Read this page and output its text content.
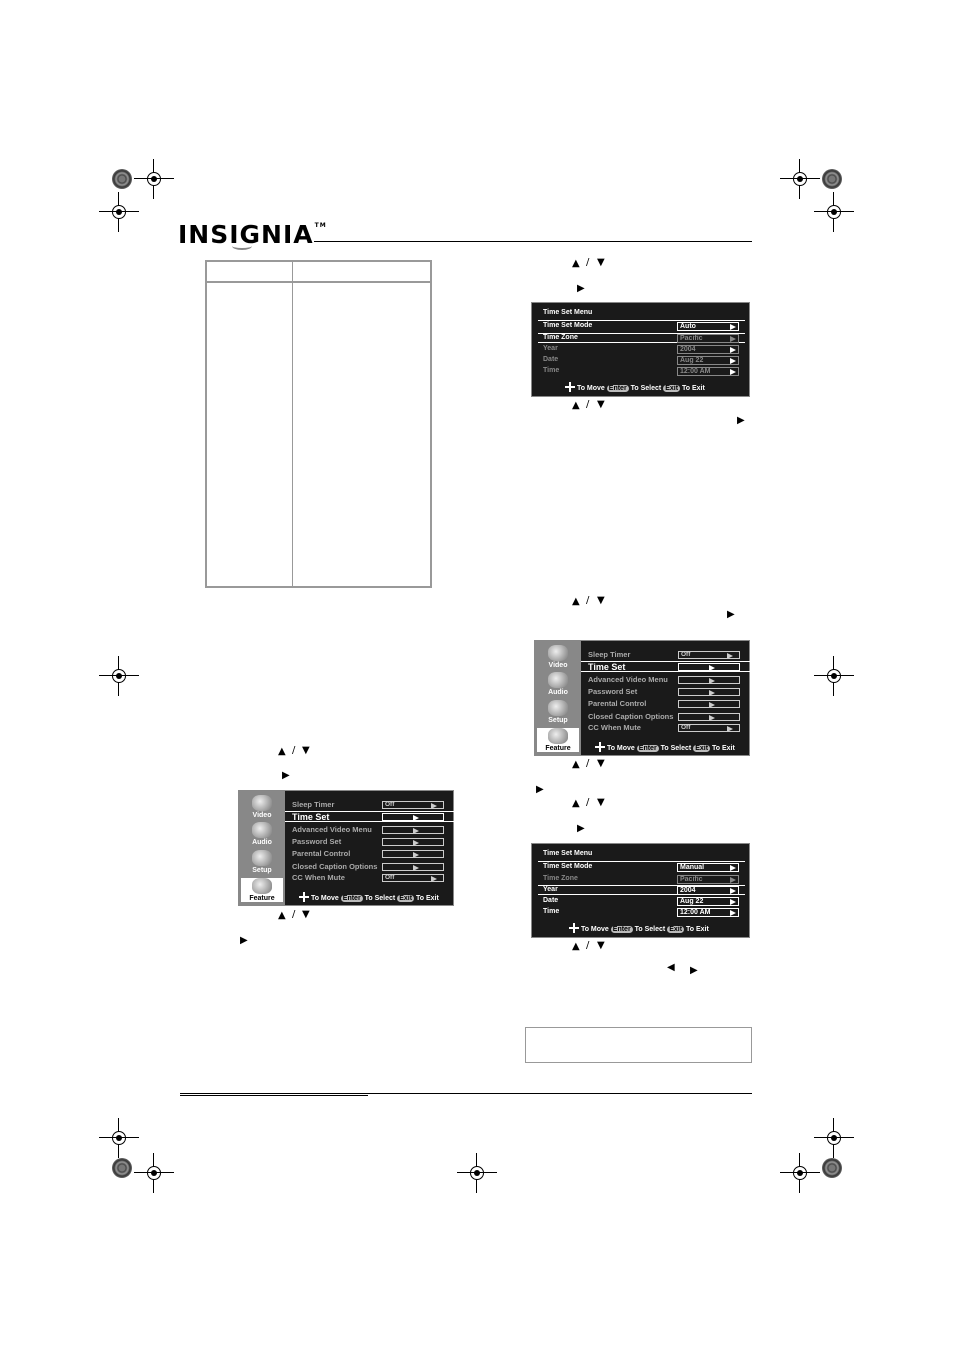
INSIGNIA™
▲ / ▼
▶
Time Set Menu
Time Set Mode	Auto
Time Zone	Pacific
Year	2004
Date	Aug 22
Time	12:00 AM
To Move Enter To Select Exit To Exit
▲ / ▼
▶
▲ / ▼
▶
Video
Audio
Setup
Feature
Sleep Timer	Off
Time Set
Advanced Video Menu
Password Set
Parental Control
Closed Caption Options
CC When Mute	Off
To Move Enter To Select Exit To Exit
▲ / ▼
▶
▲ / ▼
▶
Time Set Menu
Time Set Mode	Manual
Time Zone	Pacific
Year	2004
Date	Aug 22
Time	12:00 AM
To Move Enter To Select Exit To Exit
▲ / ▼
◀ ▶
▲ / ▼
▶
Video
Audio
Setup
Feature
Sleep Timer	Off
Time Set
Advanced Video Menu
Password Set
Parental Control
Closed Caption Options
CC When Mute	Off
To Move Enter To Select Exit To Exit
▲ / ▼
▶
